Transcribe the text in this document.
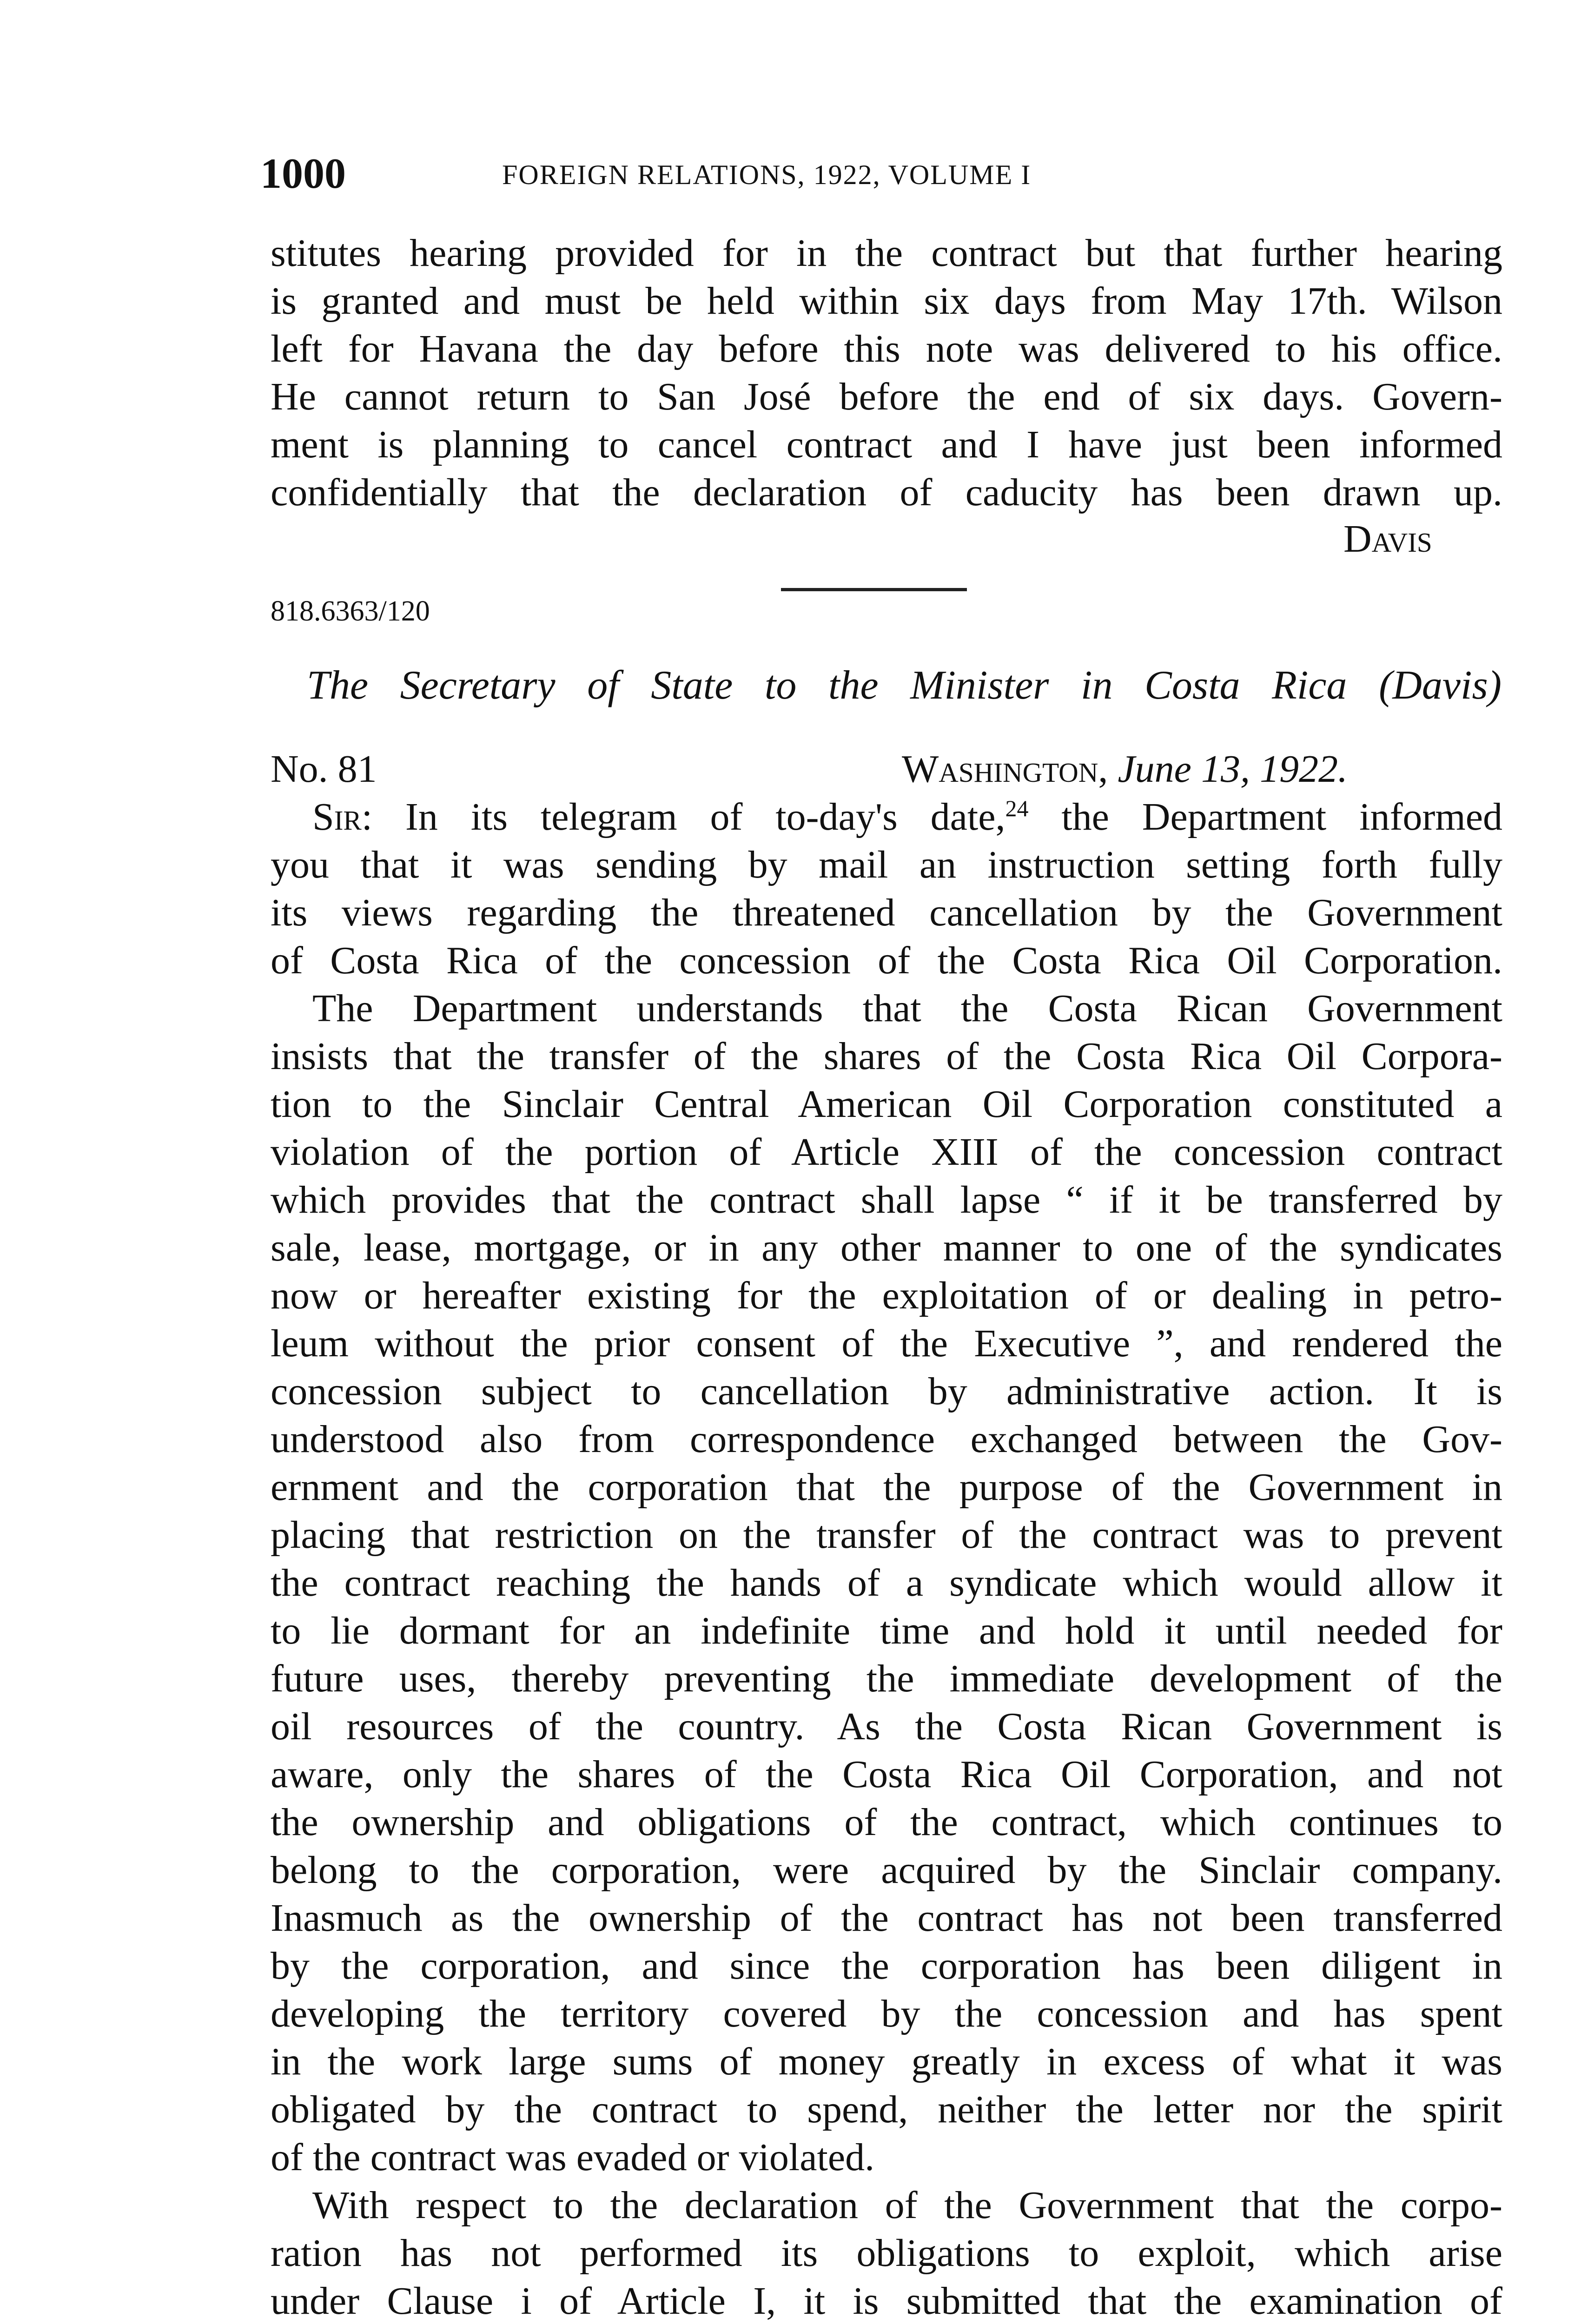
1000	FOREIGN RELATIONS, 1922, VOLUME I
stitutes hearing provided for in the contract but that further hearing
is granted and must be held within six days from May 17th. Wilson
left for Havana the day before this note was delivered to his office.
He cannot return to San José before the end of six days. Govern-
ment is planning to cancel contract and I have just been informed
confidentially that the declaration of caducity has been drawn up.
Davis
818.6363/120
The Secretary of State to the Minister in Costa Rica (Davis)
No. 81	Washington, June 13, 1922.
Sir: In its telegram of to-day's date,$^{24}$ the Department informed
you that it was sending by mail an instruction setting forth fully
its views regarding the threatened cancellation by the Government
of Costa Rica of the concession of the Costa Rica Oil Corporation.
The Department understands that the Costa Rican Government
insists that the transfer of the shares of the Costa Rica Oil Corpora-
tion to the Sinclair Central American Oil Corporation constituted a
violation of the portion of Article XIII of the concession contract
which provides that the contract shall lapse “ if it be transferred by
sale, lease, mortgage, or in any other manner to one of the syndicates
now or hereafter existing for the exploitation of or dealing in petro-
leum without the prior consent of the Executive ”, and rendered the
concession subject to cancellation by administrative action. It is
understood also from correspondence exchanged between the Gov-
ernment and the corporation that the purpose of the Government in
placing that restriction on the transfer of the contract was to prevent
the contract reaching the hands of a syndicate which would allow it
to lie dormant for an indefinite time and hold it until needed for
future uses, thereby preventing the immediate development of the
oil resources of the country. As the Costa Rican Government is
aware, only the shares of the Costa Rica Oil Corporation, and not
the ownership and obligations of the contract, which continues to
belong to the corporation, were acquired by the Sinclair company.
Inasmuch as the ownership of the contract has not been transferred
by the corporation, and since the corporation has been diligent in
developing the territory covered by the concession and has spent
in the work large sums of money greatly in excess of what it was
obligated by the contract to spend, neither the letter nor the spirit
of the contract was evaded or violated.
With respect to the declaration of the Government that the corpo-
ration has not performed its obligations to exploit, which arise
under Clause i of Article I, it is submitted that the examination of
